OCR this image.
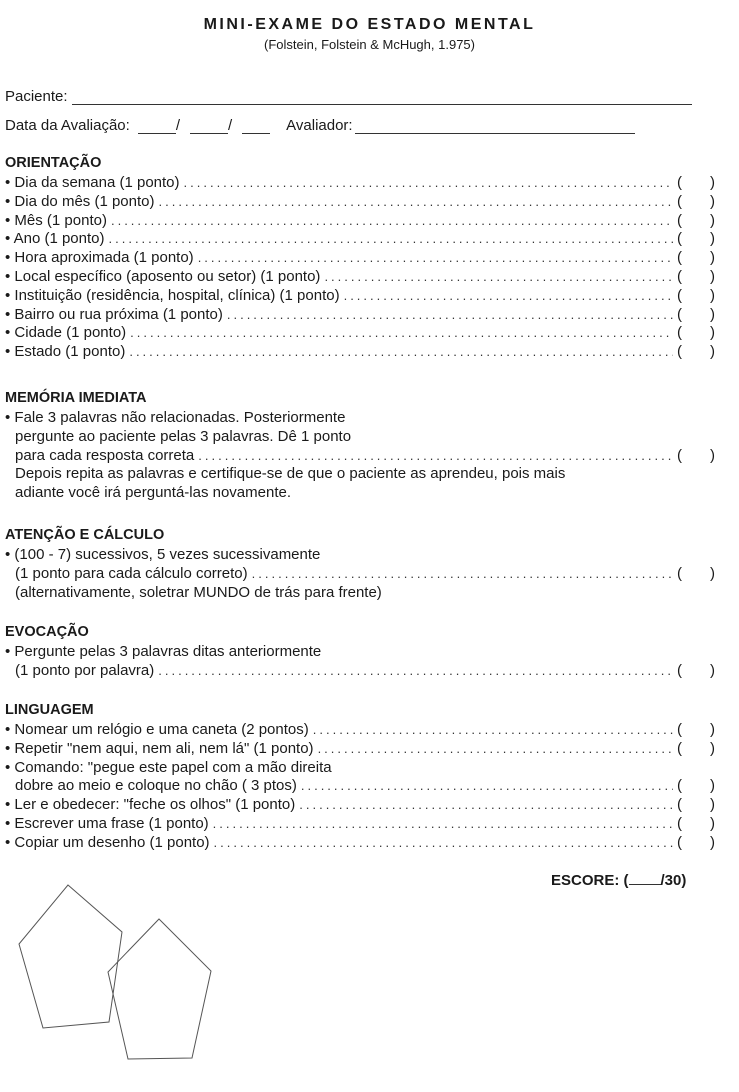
MINI-EXAME DO ESTADO MENTAL
(Folstein, Folstein & McHugh, 1.975)
Paciente:
Data da Avaliação:	/	/	Avaliador:
ORIENTAÇÃO
• Dia da semana (1 ponto) .....	( )
• Dia do mês (1 ponto) .....	( )
• Mês (1 ponto) .....	( )
• Ano (1 ponto) .....	( )
• Hora aproximada (1 ponto) .....	( )
• Local específico (aposento ou setor) (1 ponto) .....	( )
• Instituição (residência, hospital, clínica) (1 ponto) .....	( )
• Bairro ou rua próxima (1 ponto) .....	( )
• Cidade (1 ponto) .....	( )
• Estado (1 ponto) .....	( )
MEMÓRIA IMEDIATA
• Fale 3 palavras não relacionadas. Posteriormente
pergunte ao paciente pelas 3 palavras. Dê 1 ponto
para cada resposta correta .....	( )
Depois repita as palavras e certifique-se de que o paciente as aprendeu, pois mais
adiante você irá perguntá-las novamente.
ATENÇÃO E CÁLCULO
• (100 - 7) sucessivos, 5 vezes sucessivamente
(1 ponto para cada cálculo correto) .....	( )
(alternativamente, soletrar MUNDO de trás para frente)
EVOCAÇÃO
• Pergunte pelas 3 palavras ditas anteriormente
(1 ponto por palavra) .....	( )
LINGUAGEM
• Nomear um relógio e uma caneta (2 pontos) .....	( )
• Repetir "nem aqui, nem ali, nem lá" (1 ponto) .....	( )
• Comando: "pegue este papel com a mão direita
dobre ao meio e coloque no chão ( 3 ptos) .....	( )
• Ler e obedecer: "feche os olhos" (1 ponto) .....	( )
• Escrever uma frase (1 ponto) .....	( )
• Copiar um desenho (1 ponto) .....	( )
ESCORE: ( /30)
